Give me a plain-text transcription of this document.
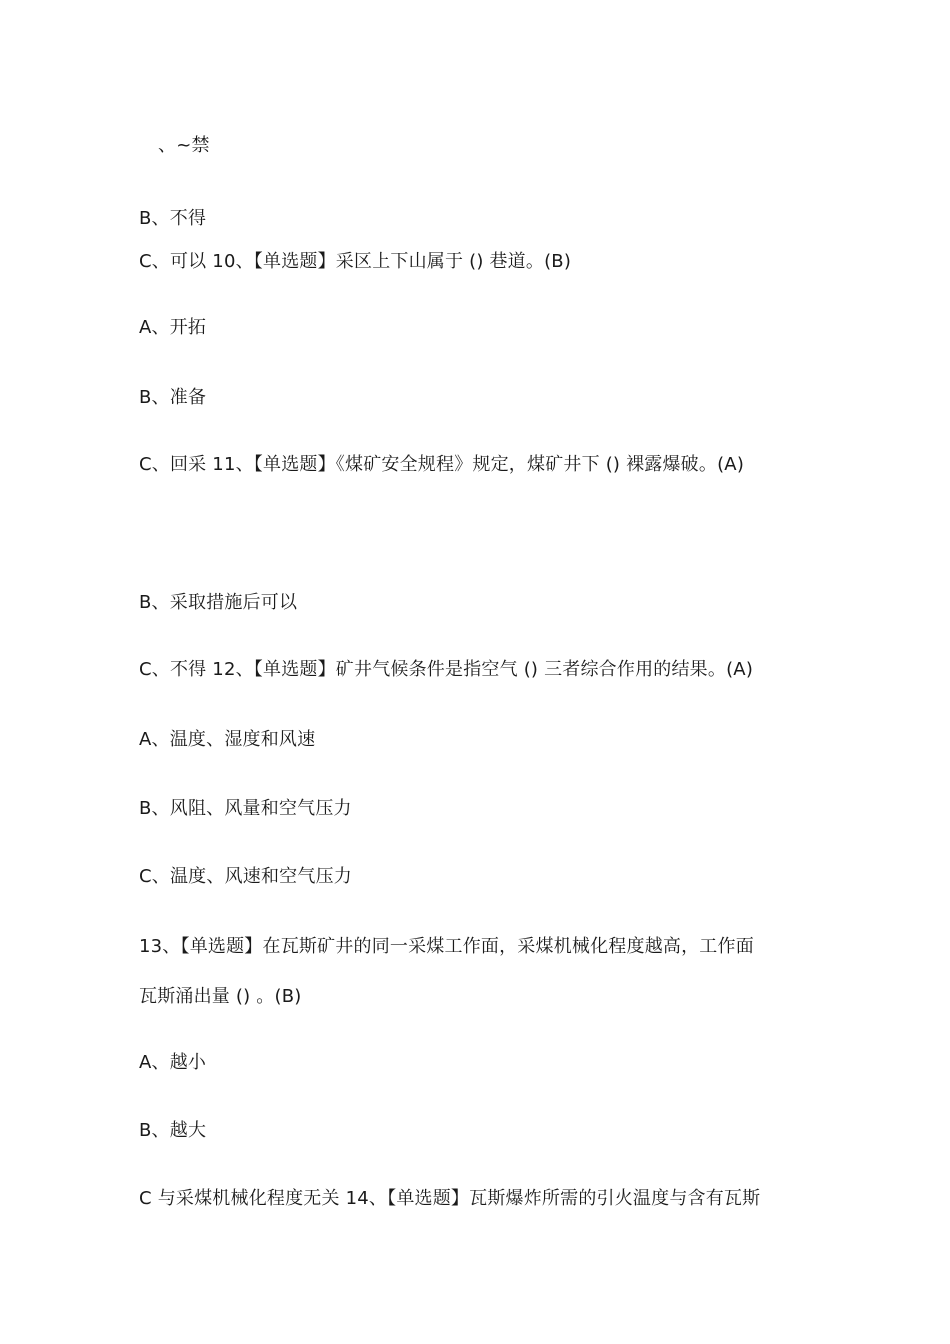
、~禁
B、不得
C、可以 10、【单选题】采区上下山属于 () 巷道。(B)
A、开拓
B、准备
C、回采 11、【单选题】《煤矿安全规程》规定，煤矿井下 () 裸露爆破。(A)
B、采取措施后可以
C、不得 12、【单选题】矿井气候条件是指空气 () 三者综合作用的结果。(A)
A、温度、湿度和风速
B、风阻、风量和空气压力
C、温度、风速和空气压力
13、【单选题】在瓦斯矿井的同一采煤工作面，采煤机械化程度越高，工作面
瓦斯涌出量 () 。(B)
A、越小
B、越大
C 与采煤机械化程度无关 14、【单选题】瓦斯爆炸所需的引火温度与含有瓦斯
